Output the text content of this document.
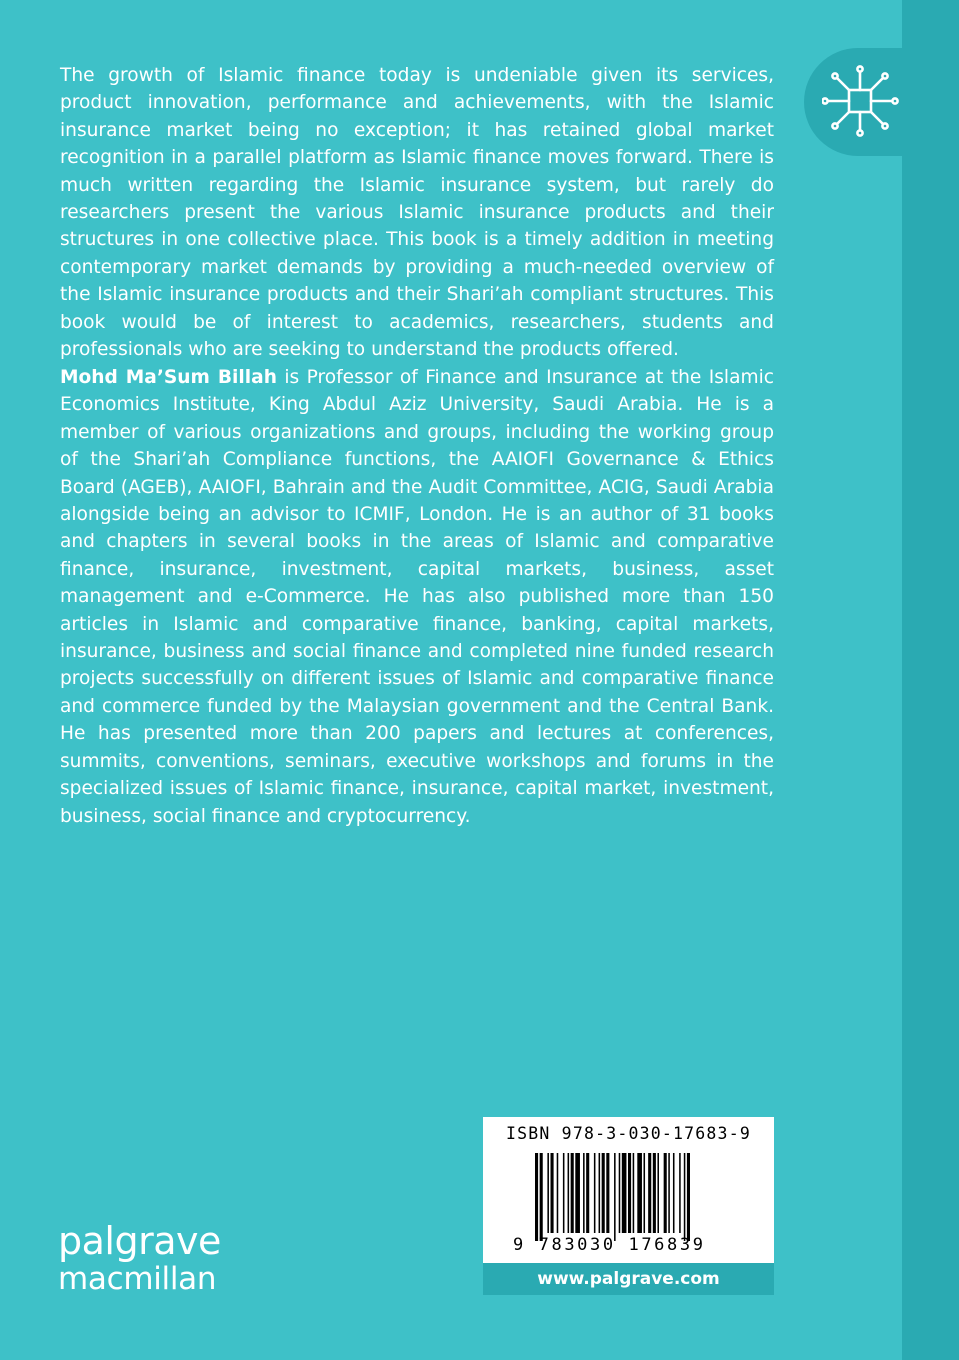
The growth of Islamic finance today is undeniable given its services, product innovation, performance and achievements, with the Islamic insurance market being no exception; it has retained global market recognition in a parallel platform as Islamic finance moves forward. There is much written regarding the Islamic insurance system, but rarely do researchers present the various Islamic insurance products and their structures in one collective place. This book is a timely addition in meeting contemporary market demands by providing a much-needed overview of the Islamic insurance products and their Shari’ah compliant structures. This book would be of interest to academics, researchers, students and professionals who are seeking to understand the products offered.

Mohd Ma’Sum Billah is Professor of Finance and Insurance at the Islamic Economics Institute, King Abdul Aziz University, Saudi Arabia. He is a member of various organizations and groups, including the working group of the Shari’ah Compliance functions, the AAIOFI Governance & Ethics Board (AGEB), AAIOFI, Bahrain and the Audit Committee, ACIG, Saudi Arabia alongside being an advisor to ICMIF, London. He is an author of 31 books and chapters in several books in the areas of Islamic and comparative finance, insurance, investment, capital markets, business, asset management and e-Commerce. He has also published more than 150 articles in Islamic and comparative finance, banking, capital markets, insurance, business and social finance and completed nine funded research projects successfully on different issues of Islamic and comparative finance and commerce funded by the Malaysian government and the Central Bank. He has presented more than 200 papers and lectures at conferences, summits, conventions, seminars, executive workshops and forums in the specialized issues of Islamic finance, insurance, capital market, investment, business, social finance and cryptocurrency.

ISBN 978-3-030-17683-9
9 783030 176839
www.palgrave.com
palgrave
macmillan
